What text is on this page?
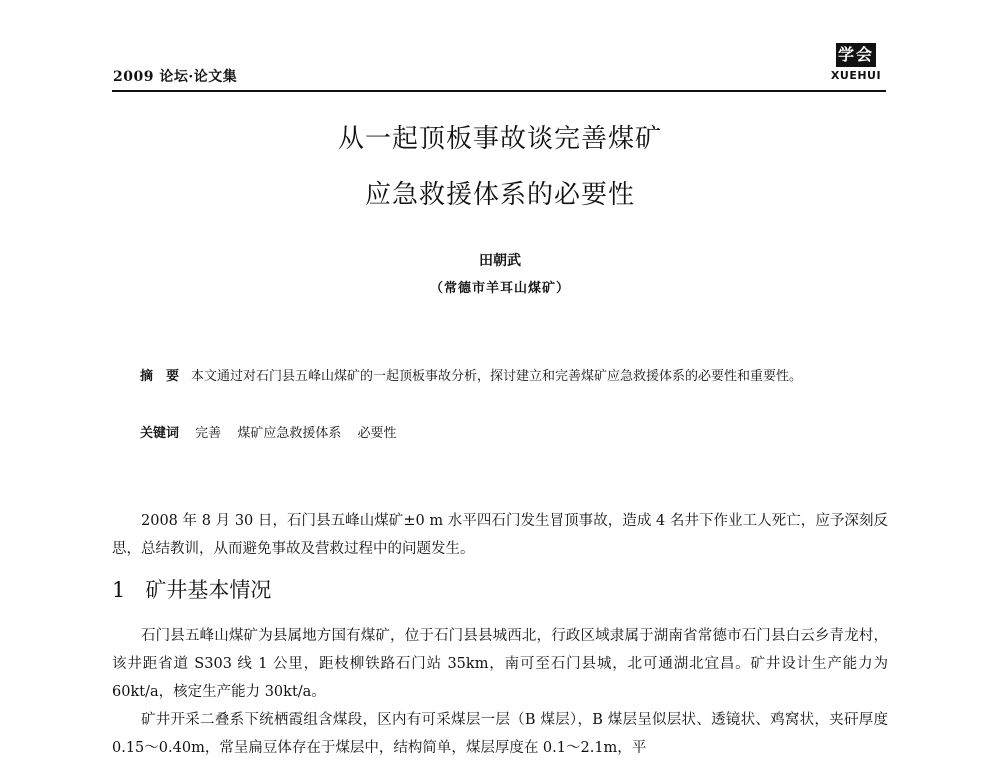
2009 论坛·论文集
学会
XUEHUI
从一起顶板事故谈完善煤矿
应急救援体系的必要性
田朝武
（常德市羊耳山煤矿）
摘　要 本文通过对石门县五峰山煤矿的一起顶板事故分析，探讨建立和完善煤矿应急救援体系的必要性和重要性。
关键词 完善 煤矿应急救援体系 必要性
2008 年 8 月 30 日，石门县五峰山煤矿±0 m 水平四石门发生冒顶事故，造成 4 名井下作业工人死亡，应予深刻反思，总结教训，从而避免事故及营救过程中的问题发生。
1 矿井基本情况
石门县五峰山煤矿为县属地方国有煤矿，位于石门县县城西北，行政区域隶属于湖南省常德市石门县白云乡青龙村，该井距省道 S303 线 1 公里，距枝柳铁路石门站 35km，南可至石门县城，北可通湖北宜昌。矿井设计生产能力为 60kt/a，核定生产能力 30kt/a。
矿井开采二叠系下统栖霞组含煤段，区内有可采煤层一层（B 煤层），B 煤层呈似层状、透镜状、鸡窝状，夹矸厚度 0.15～0.40m，常呈扁豆体存在于煤层中，结构简单，煤层厚度在 0.1～2.1m，平
